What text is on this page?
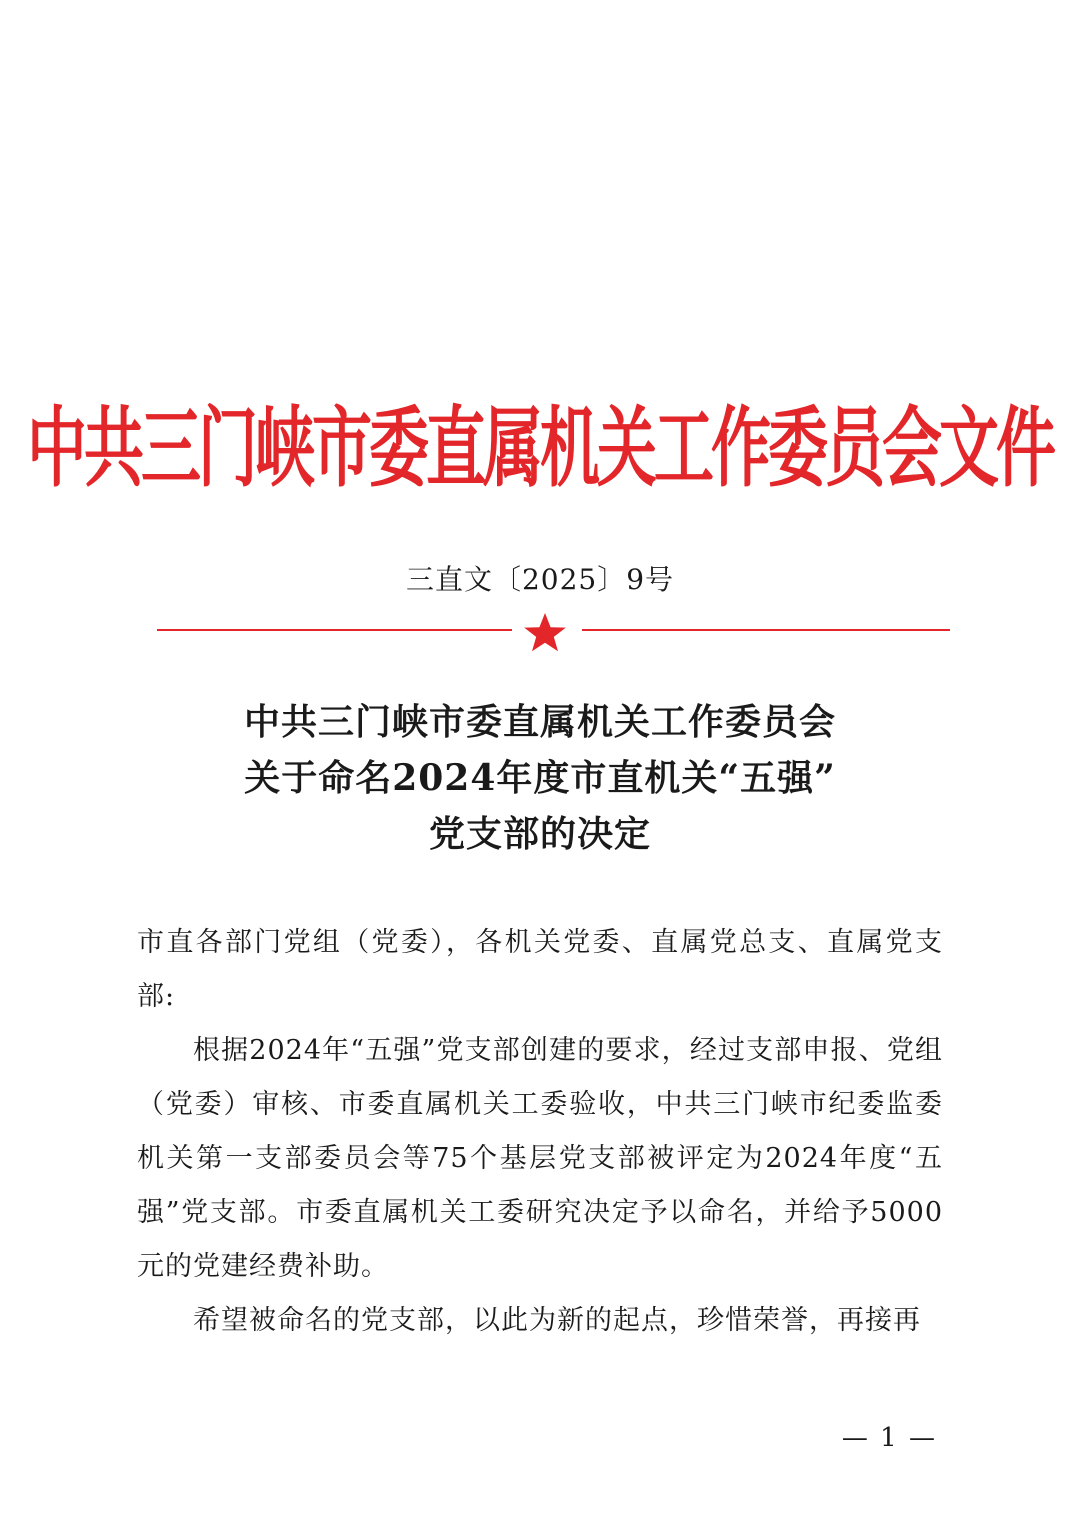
中共三门峡市委直属机关工作委员会文件
三直文〔2025〕9号
中共三门峡市委直属机关工作委员会
关于命名2024年度市直机关“五强”
党支部的决定

市直各部门党组（党委），各机关党委、直属党总支、直属党支部:

根据2024年“五强”党支部创建的要求，经过支部申报、党组（党委）审核、市委直属机关工委验收，中共三门峡市纪委监委机关第一支部委员会等75个基层党支部被评定为2024年度“五强”党支部。市委直属机关工委研究决定予以命名，并给予5000元的党建经费补助。

希望被命名的党支部，以此为新的起点，珍惜荣誉，再接再

— 1 —
